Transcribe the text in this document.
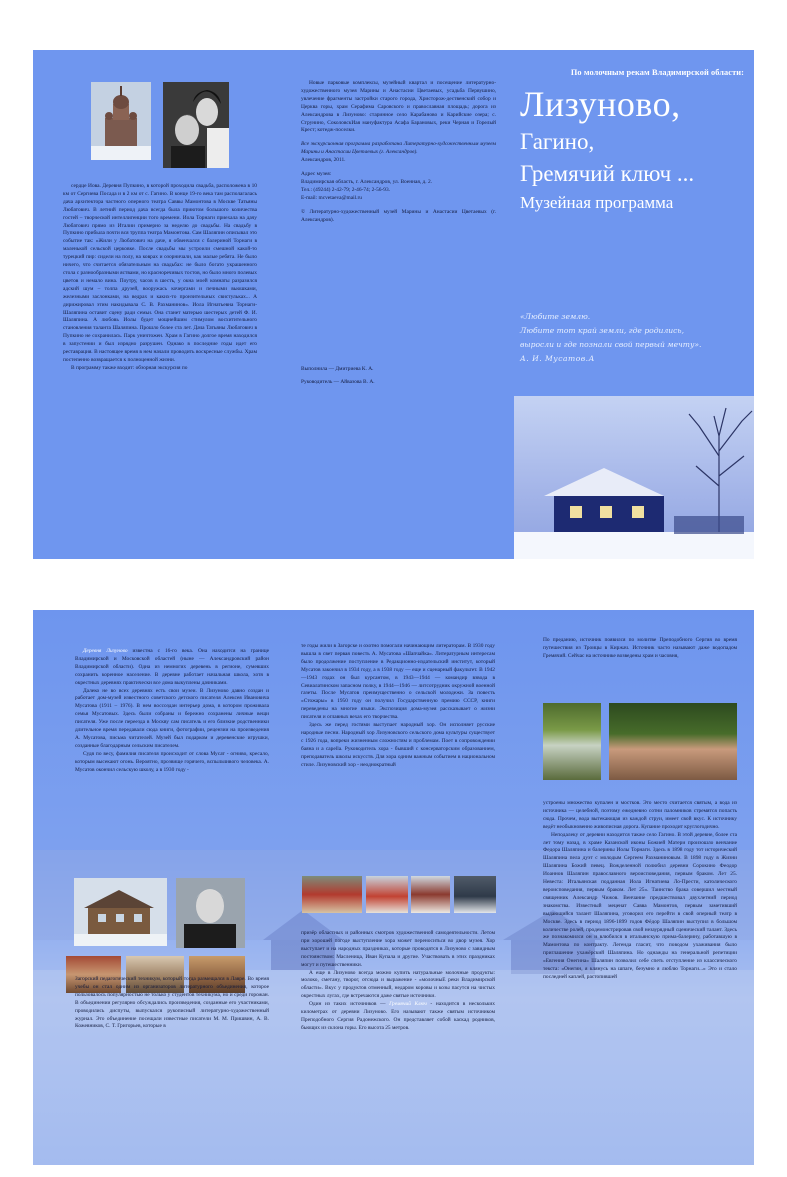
сердце Иова. Деревня Пупкино, в которой проходила свадьба, расположена в 10 км от Сергиева Посада и в 2 км от с. Гагино. В конце 19-го века там располагалась дача архитектора частного оперного театра Саввы Мамонтова в Москве Татьяны Любатович. В летний период дача всегда была приютом большого количества гостей – творческой интеллигенции того времени. Иола Торнаги приехала на дачу Любатович прямо из Италии примерно за неделю до свадьбы. На свадьбу в Пупкино прибыла почти вся труппа театра Мамонтова. Сам Шаляпин описывал это событие так: «Жили у Любатович на даче, я обвенчался с балериной Торнаги в маленькой сельской церковке. После свадьбы мы устроили смешной какой-то турецкий пир: сидели на полу, на коврах и озорничали, как малые ребята. Не было ничего, что считается обязательным на свадьбах: не было богато украшенного стола с разнообразными яствами, но красноречивых тостов, но было много полевых цветов и немало вина. Поутру, часов в шесть, у окна моей комнаты разразился адский шум – толпа друзей, вооружась кочергами и печными вьюшками, железными заслонками, на ведрах и каких-то пронзительных свистульках... А дирижировал этим накидывала С. В. Рахманинов». Иола Игнатьевна Торнаги-Шаляпина оставит сцену ради семьи. Она станет матерью шестерых детей Ф. И. Шаляпина. А любовь Иолы будет мощнейшим стимулом восхитительного становления таланта Шаляпина. Прошло более ста лет. Дача Татьяны Любатович в Пупкино не сохранилась. Парк уничтожен. Храм в Гагино долгое время находился в запустении и был изрядно разрушен. Однако в последние годы идет его реставрация. В настоящее время в нем начали проводить воскресные службы. Храм постепенно возвращается к полноценной жизни.

В программу также входит: обзорная экскурсия по

Новые парковые комплексы, музейный квартал и посещение литературно-художественного музея Марины и Анастасии Цветаевых, усадьба Первушино, увлечение фрагменты застройки старого города, Христорож-дественский собор и Церква горы, храм Серафима Саровского и православная площадь; дорога из Александрова в Лизуново: старинное село Карабаново и Карийские озера; с. Струнино, СоколовскИая мануфактура Асафа Барановых, реки Черная и Горелый Крест; котедж-поселки.

Все экскурсионная программа разработана Литературно-художественным музеем Марины и Анастасии Цветаевых (г. Александров).

Александров, 2011.

Адрес музея:

Владимирская область, г. Александров, ул. Военная, д. 2.

Тел.: (49244) 2-42-79; 2-46-74; 2-56-93.

E-mail: mcvetaeva@mail.ru

© Литературно-художественный музей Марины и Анастасии Цветаевых (г. Александров).

Выполнила — Дмитриева К. А.
Руководитель — Айвазова В. А.
По молочным рекам Владимирской области:
Лизуново,
Гагино,
Гремячий ключ ...
Музейная программа
«Любите землю.
Любите тот край земли, где родились,
выросли и где познали свой первый мечту».
А. И. Мусатов.А

Деревня Лизуново известна с 16-го века. Она находится на границе Владимирской и Московской областей (ныне — Александровский район Владимирской области). Одна из немногих деревень в регионе, сумевших сохранить коренное население. В деревне работает начальная школа, хотя в окрестных деревнях практически все дома выкуплены дачниками.

Далеко не во всех деревнях есть свои музеи. В Лизуново давно создан и работает дом-музей известного советского детского писателя Алексея Ивановича Мусатова (1911 – 1976). В нем воссоздан интерьер дома, в котором проживала семья Мусатовых. Здесь были собраны и бережно сохранены личные вещи писателя. Уже после переезда в Москву сам писатель и его близкие родственники длительное время передавали сюда книги, фотографии, рецензии на произведения А. Мусатова, письма читателей. Музей был подарком и деревенские игрушки, созданные благодарным сельским писателем.

Судя по весу, фамилия писателя происходит от слова Мусат - огниво, кресало, которым высекают огонь. Вероятно, прозвище горячего, вспыльчивого человека. А. Мусатов окончил сельскую школу, а в 1930 году -

Загорский педагогический техникум, который тогда размещался в Лавре. Во время учебы он стал одним из организаторов литературного объединения, которое пользовалось популярностью не только у студентов техникума, но и среди горожан. В объединении регулярно обсуждались произведения, созданные его участниками, проводились диспуты, выпускался рукописный литературно-художественный журнал. Это объединение посещали известные писатели М. М. Пришвин, А. В. Кожевников, С. Т. Григорьев, которые в

те годы жили в Загорске и охотно помогали начинающим литераторам. В 1930 году вышла в свет первая повесть А. Мусатова «Шапчайка». Литературным интересам было продолжение поступление в Редакционно-издательский институт, который Мусатов закончил в 1934 году, а в 1938 году — еще и сценарный факультет. В 1942—1943 годах он был курсантом, в 1943—1944 — командир взвода в Севиалатинском запасном полку, в 1944—1946 — литсотрудник окружной военной газеты. После Мусатов преимущественно о сельской молодежи. За повесть «Стожары» в 1950 году он получил Государственную премию СССР, книги переведены на многие языки. Экспозиция дома-музея рассказывает о жизни писателя и оглавных вехах его творчества.

Здесь же перед гостями выступает народный хор. Он исполняет русские народные песни. Народный хор Лизуновского сельского дома культуры существует с 1926 года, вопреки жизненным сложностям и проблемам. Поет в сопровождении баяна и a capella. Руководитель хора - бывший с консерваторским образованием, преподаватель школы искусств. Для хора одним важным событием в национальном стиле. Лизуновский хор - неоднократный

призёр областных и районных смотров художественной самодеятельности. Летом при хорошей погоде выступление хора может переноситься во двор музея. Хор выступает и на народных праздниках, которые проводятся в Лизуново с завидным постоянством: Масленица, Иван Купала и другие. Участвовать в этих праздниках могут и путешественники.

А еще в Лизуново всегда можно купить натуральные молочные продукты: молоко, сметану, творог, отсюда и выражение - «молочныЕ реки Владимирской области». Вкус у продуктов отменный, недаром коровы и козы пасутся на чистых окрестных лугах, где встречаются даже святые источники.

Один из таких источников — Гремячий Ключ - находится в нескольких километрах от деревни Лизуново. Его называют также святым источником Преподобного Сергия Радонежского. Он представляет собой каскад родников, бьющих из склона горы. Его высота 25 метров.

По преданию, источник появился по молитве Преподобного Сергия во время путешествия из Троицы в Киржач. Источник часто называют даже водопадом Гремячий. Сейчас на источнике возведены храм и часовня,

устроены множество купален и мостков. Это место считается святым, а вода из источника — целебной, поэтому ежедневно сотни паломников стремятся попасть сюда. Прочем, вода вытекающая из каждой струи, имеет свой вкус. К источнику ведёт необыкновенно живописная дорога. Купание проходит круглогодично.

Неподалеку от деревни находится также село Гагино. В этой деревне, более ста лет тому назад, в храме Казанской иконы Божией Матери произошло венчание Федора Шаляпина и балерины Иолы Торнаги. Здесь в 1898 году тот исторический Шаляпина пела дуэт с молодым Сергеем Рахманиновым. В 1898 году в Жизни Шаляпина Божий певец. Вожделенной полюбил деревни Сорокино Феодор Иоаннов Шаляпин православного вероисповедания, первым браком. Лет 25. Невеста: Итальянская подданная Иола Игнатиева Ло-Прести, католического вероисповедания, первым браком. Лет 25». Таинство брака совершил местный священник Александр Чижов. Венчание предшествовал двухлетний период знакомства. Известный меценат Савва Мамонтов, первым заметивший выдающийся талант Шаляпина, уговорил его перейти в свой оперный театр в Москве. Здесь в период 1896-1899 годов Фёдор Шаляпин выступил в большом количестве ролей, продемонстрировав свой незаурядный сценический талант. Здесь же познакомился он и влюбился в итальянскую прима-балерину, работавшую в Мамонтова по контракту. Легенда гласит, что поводом ухаживания было приглашение ухажёрский Шаляпина. Но однажды на генеральной репетиции «Евгения Онегина» Шаляпин позволил себе спеть отступление из классического текста: «Онегин, я клянусь на шпаге, безумно я люблю Торнаги...» Это и стало последней каплей, растопившей
